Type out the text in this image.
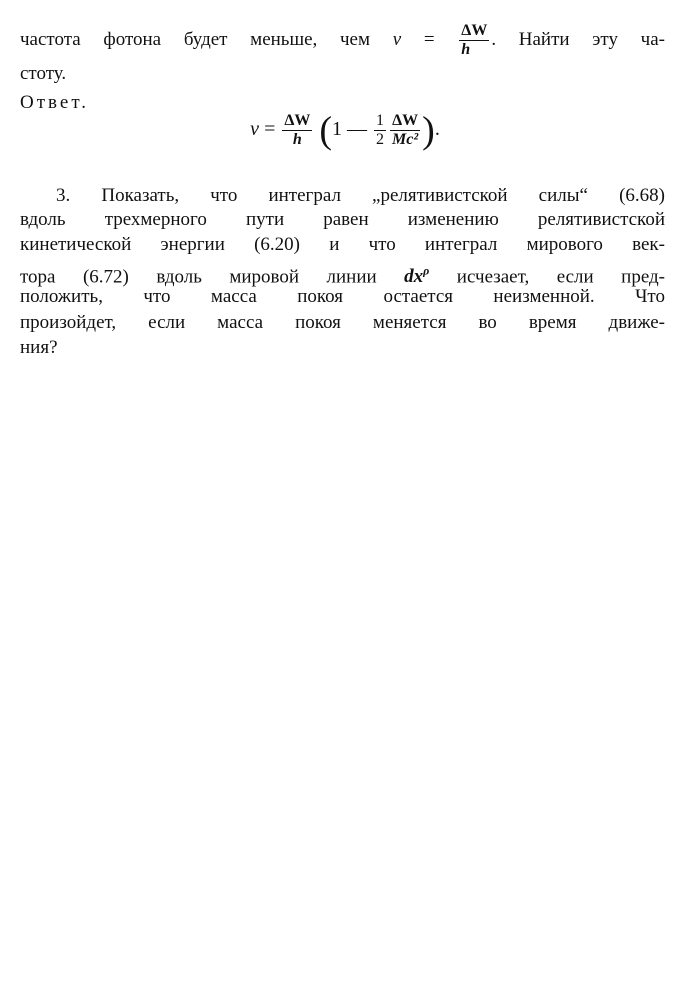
частота фотона будет меньше, чем $\nu = \frac{\Delta W}{h}$ . Найти эту ча-
стоту.
Ответ.
$\nu = \frac{\Delta W}{h} (1$ — $\frac{1}{2} \frac{\Delta W}{\text{Mc²}}$ ).
3. Показать, что интеграл „релятивистской силы“ (6.68)
вдоль трехмерного пути равен изменению релятивистской
кинетической энергии (6.20) и что интеграл мирового век-
тора (6.72) вдоль мировой линии $dx^\rho$ исчезает, если пред-
положить, что масса покоя остается неизменной. Что
произойдет, если масса покоя меняется во время движе-
ния?
